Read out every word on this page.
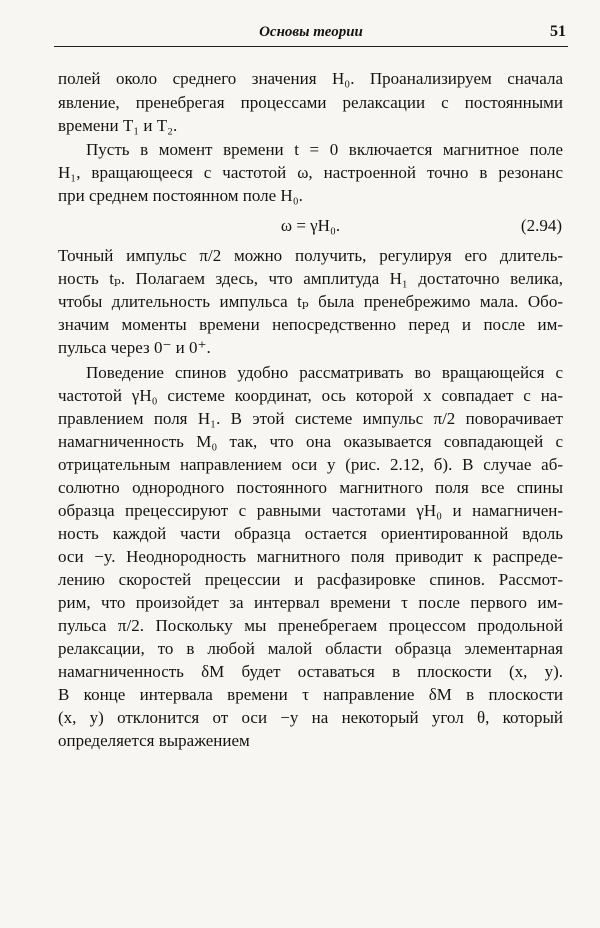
Основы теории	51
полей около среднего значения H₀. Проанализируем сначала
явление, пренебрегая процессами релаксации с постоянными
времени T₁ и T₂.
Пусть в момент времени t = 0 включается магнитное поле
H₁, вращающееся с частотой ω, настроенной точно в резонанс
при среднем постоянном поле H₀.
ω = γH₀.	(2.94)
Точный импульс π/2 можно получить, регулируя его длитель-
ность tₚ. Полагаем здесь, что амплитуда H₁ достаточно велика,
чтобы длительность импульса tₚ была пренебрежимо мала. Обо-
значим моменты времени непосредственно перед и после им-
пульса через 0⁻ и 0⁺.
Поведение спинов удобно рассматривать во вращающейся с
частотой γH₀ системе координат, ось которой x совпадает с на-
правлением поля H₁. В этой системе импульс π/2 поворачивает
намагниченность M₀ так, что она оказывается совпадающей с
отрицательным направлением оси y (рис. 2.12, б). В случае аб-
солютно однородного постоянного магнитного поля все спины
образца прецессируют с равными частотами γH₀ и намагничен-
ность каждой части образца остается ориентированной вдоль
оси −y. Неоднородность магнитного поля приводит к распреде-
лению скоростей прецессии и расфазировке спинов. Рассмот-
рим, что произойдет за интервал времени τ после первого им-
пульса π/2. Поскольку мы пренебрегаем процессом продольной
релаксации, то в любой малой области образца элементарная
намагниченность δM будет оставаться в плоскости (x, y).
В конце интервала времени τ направление δM в плоскости
(x, y) отклонится от оси −y на некоторый угол θ, который
определяется выражением
